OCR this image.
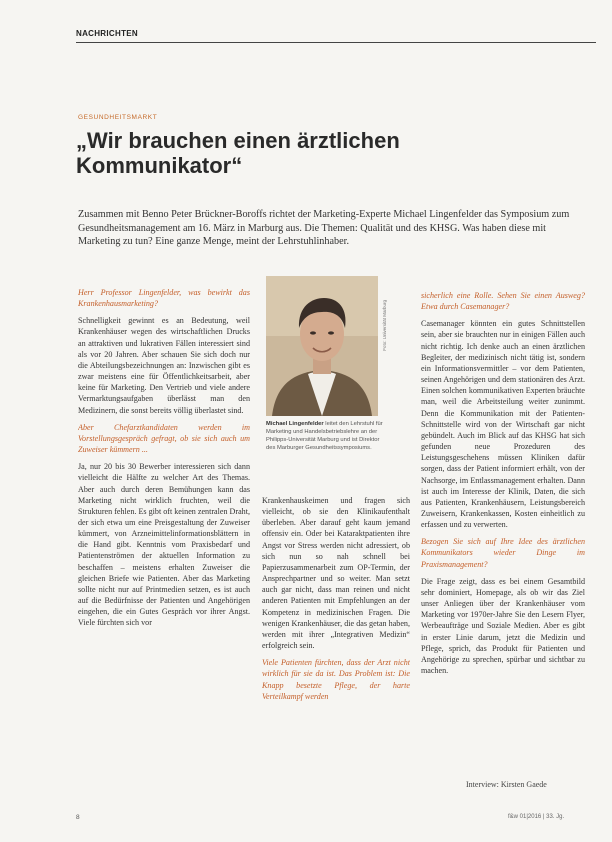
NACHRICHTEN
GESUNDHEITSMARKT
„Wir brauchen einen ärztlichen Kommunikator“
Zusammen mit Benno Peter Brückner-Boroffs richtet der Marketing-Experte Michael Lingenfelder das Symposium zum Gesundheitsmanagement am 16. März in Marburg aus. Die Themen: Qualität und des KHSG. Was haben diese mit Marketing zu tun? Eine ganze Menge, meint der Lehrstuhlinhaber.

Herr Professor Lingenfelder, was bewirkt das Krankenhausmarketing?

Schnelligkeit gewinnt es an Bedeutung, weil Krankenhäuser wegen des wirtschaftlichen Drucks an attraktiven und lukrativen Fällen interessiert sind als vor 20 Jahren. Aber schauen Sie sich doch nur die Abteilungsbezeichnungen an: Inzwischen gibt es zwar meistens eine für Öffentlichkeitsarbeit, aber keine für Marketing. Den Vertrieb und viele andere Vermarktungsaufgaben überlässt man den Medizinern, die sonst bereits völlig überlastet sind.

Aber Chefarztkandidaten werden im Vorstellungsgespräch gefragt, ob sie sich auch um Zuweiser kümmern ...

Ja, nur 20 bis 30 Bewerber interessieren sich dann vielleicht die Hälfte zu welcher Art des Themas. Aber auch durch deren Bemühungen kann das Marketing nicht wirklich fruchten, weil die Strukturen fehlen. Es gibt oft keinen zentralen Draht, der sich etwa um eine Preisgestaltung der Zuweiser kümmert, von Arzneimittelinformationsblättern in die Hand gibt. Kenntnis vom Praxisbedarf und Patientenströmen der aktuellen Information zu beschaffen – meistens erhalten Zuweiser die gleichen Briefe wie Patienten. Aber das Marketing sollte nicht nur auf Printmedien setzen, es ist auch auf die Bedürfnisse der Patienten und Angehörigen eingehen, die ein Gutes Gespräch vor ihrer Angst. Viele fürchten sich vor

Foto: Universität Marburg
Michael Lingenfelder leitet den Lehrstuhl für Marketing und Handelsbetriebslehre an der Philipps-Universität Marburg und ist Direktor des Marburger Gesundheitssymposiums.

Krankenhauskeimen und fragen sich vielleicht, ob sie den Klinikaufenthalt überleben. Aber darauf geht kaum jemand offensiv ein. Oder bei Kataraktpatienten ihre Angst vor Stress werden nicht adressiert, ob sich nun so nah schnell bei Papierzusammenarbeit zum OP-Termin, der Ansprechpartner und so weiter. Man setzt auch gar nicht, dass man reinen und nicht anderen Patienten mit Empfehlungen an der Kompetenz in medizinischen Fragen. Die wenigen Krankenhäuser, die das getan haben, werden mit ihrer „Integrativen Medizin“ erfolgreich sein.

Viele Patienten fürchten, dass der Arzt nicht wirklich für sie da ist. Das Problem ist: Die Knapp besetzte Pflege, der harte Verteilkampf werden

sicherlich eine Rolle. Sehen Sie einen Ausweg? Etwa durch Casemanager?

Casemanager könnten ein gutes Schnittstellen sein, aber sie brauchten nur in einigen Fällen auch nicht richtig. Ich denke auch an einen ärztlichen Begleiter, der medizinisch nicht tätig ist, sondern ein Informationsvermittler – vor dem Patienten, seinen Angehörigen und dem stationären des Arzt. Einen solchen kommunikativen Experten bräuchte man, weil die Arbeitsteilung weiter zunimmt. Denn die Kommunikation mit der Patienten-Schnittstelle wird von der Wirtschaft gar nicht gebündelt. Auch im Blick auf das KHSG hat sich gefunden neue Prozeduren des Leistungsgeschehens müssen Kliniken dafür sorgen, dass der Patient informiert erhält, von der Nachsorge, im Entlassmanagement erhalten. Dann ist auch im Interesse der Klinik, Daten, die sich aus Patienten, Krankenhäusern, Leistungsbereich Zuweisern, Krankenkassen, Kosten einheitlich zu erfassen und zu verwerten.

Bezogen Sie sich auf Ihre Idee des ärztlichen Kommunikators wieder Dinge im Praxismanagement?

Die Frage zeigt, dass es bei einem Gesamtbild sehr dominiert, Homepage, als ob wir das Ziel unser Anliegen über der Krankenhäuser vom Marketing vor 1970er-Jahre Sie den Lesern Flyer, Werbeaufträge und Soziale Medien. Aber es gibt in erster Linie darum, jetzt die Medizin und Pflege, sprich, das Produkt für Patienten und Angehörige zu sprechen, spürbar und sichtbar zu machen.

Interview: Kirsten Gaede
8	f&w 01|2016 | 33. Jg.
